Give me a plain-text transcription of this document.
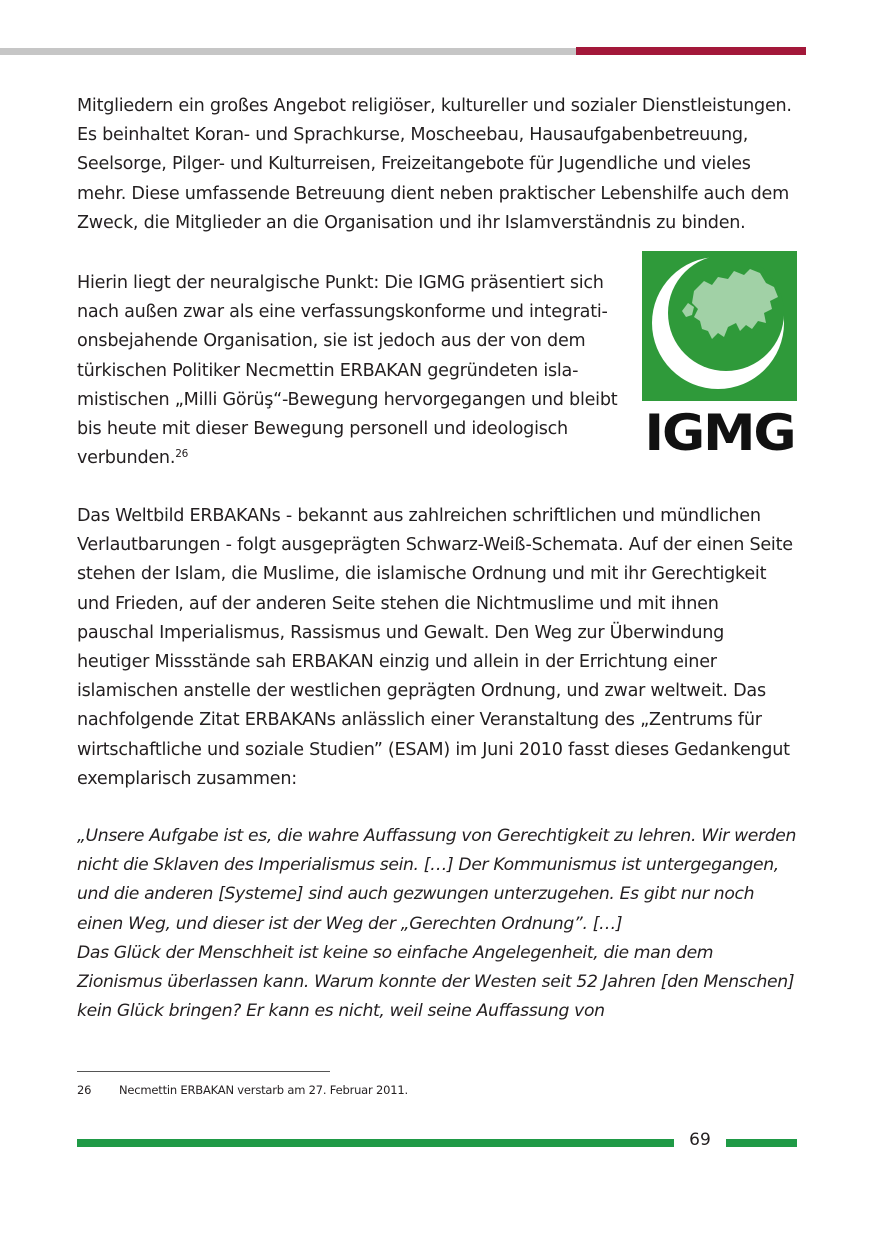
Mitgliedern ein großes Angebot religiöser, kultureller und sozialer Dienstleistungen. Es beinhaltet Koran- und Sprachkurse, Moscheebau, Hausaufgabenbetreuung, Seelsorge, Pilger- und Kulturreisen, Freizeitangebote für Jugendliche und vieles mehr. Diese umfassende Betreuung dient neben praktischer Lebenshilfe auch dem Zweck, die Mitglieder an die Organisation und ihr Islamverständnis zu binden.

Hierin liegt der neuralgische Punkt: Die IGMG präsentiert sich nach außen zwar als eine verfassungskonforme und integrationsbejahende Organisation, sie ist jedoch aus der von dem türkischen Politiker Necmettin ERBAKAN gegründeten islamistischen „Milli Görüş“-Bewegung hervorgegangen und bleibt bis heute mit dieser Bewegung personell und ideologisch verbunden.$^{26}$	IGMG

Das Weltbild ERBAKANs - bekannt aus zahlreichen schriftlichen und mündlichen Verlautbarungen - folgt ausgeprägten Schwarz-Weiß-Schemata. Auf der einen Seite stehen der Islam, die Muslime, die islamische Ordnung und mit ihr Gerechtigkeit und Frieden, auf der anderen Seite stehen die Nichtmuslime und mit ihnen pauschal Imperialismus, Rassismus und Gewalt. Den Weg zur Überwindung heutiger Missstände sah ERBAKAN einzig und allein in der Errichtung einer islamischen anstelle der westlichen geprägten Ordnung, und zwar weltweit. Das nachfolgende Zitat ERBAKANs anlässlich einer Veranstaltung des „Zentrums für wirtschaftliche und soziale Studien” (ESAM) im Juni 2010 fasst dieses Gedankengut exemplarisch zusammen:

„Unsere Aufgabe ist es, die wahre Auffassung von Gerechtigkeit zu lehren. Wir werden nicht die Sklaven des Imperialismus sein. […] Der Kommunismus ist untergegangen, und die anderen [Systeme] sind auch gezwungen unterzugehen. Es gibt nur noch einen Weg, und dieser ist der Weg der „Gerechten Ordnung”. […]
Das Glück der Menschheit ist keine so einfache Angelegenheit, die man dem Zionismus überlassen kann. Warum konnte der Westen seit 52 Jahren [den Menschen] kein Glück bringen? Er kann es nicht, weil seine Auffassung von

26 Necmettin ERBAKAN verstarb am 27. Februar 2011.
69
